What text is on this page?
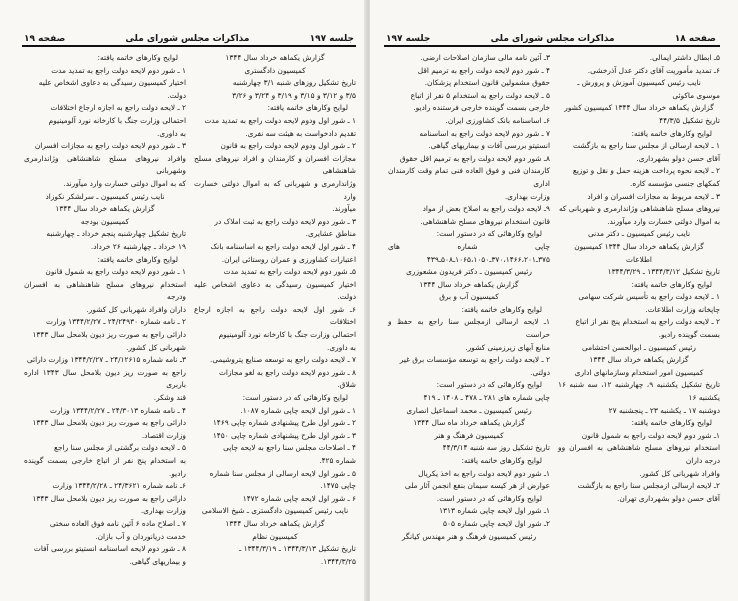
جلسه ۱۹۷
مذاکرات مجلس شورای ملی
صفحه ۱۹
گزارش یکماهه خرداد سال ۱۳۴۴
کمیسیون دادگستری
تاریخ تشکیل روزهای شنبه ۳/۱ چهارشنبه
۳/۵ و ۳/۱۲ و ۳/۱۵ و ۳/۱۹ و ۳/۲۴ و ۳/۲۶
لوایح وکارهای خاتمه یافته:
۱ ـ شور اول ودوم لایحه دولت راجع به تمدید مدت
تقدیم دادخواست به هیئت سه نفری.
۲ ـ شور اول ودوم لایحه دولت راجع به قانون
مجازات افسران و کارمندان و افراد نیروهای مسلح شاهنشاهی
وژاندارمری و شهربانی که به اموال دولتی خسارت وارد
میآورند.
۳ ـ شور دوم لایحه دولت راجع به ثبت املاک در
مناطق عشایری.
۴ ـ شور اول لایحه دولت راجع به اساسنامه بانک
اعتبارات کشاورزی و عمران روستائی ایران.
۵ـ شور دوم لایحه دولت راجع به تمدید مدت
اختیار کمیسیون رسیدگی به دعاوی اشخاص علیه دولت.
۶ـ شور اول لایحه دولت راجع به اجازه ارجاع اختلافات
احتمالی وزارت جنگ با کارخانه نورد آلومینیوم
به داوری.
۷ ـ لایحه دولت راجع به توسعه صنایع پتروشیمی.
۸ ـ شور دوم لایحه دولت راجع به لغو مجازات
شلاق.
لوایح وکارهائی که در دستور است:
۱ ـ شور اول لایحه چاپی شماره ۱۰۸۷.
۲ ـ شور اول طرح پیشنهادی شماره چاپی ۱۴۶۹
۳ ـ شور اول طرح پیشنهادی شماره چاپی ۱۴۵۰
۴ ـ اصلاحات مجلس سنا راجع به لایحه چاپی
شماره ۴۲۵.
۵ ـ شور اول لایحه ارسالی از مجلس سنا شماره
چاپی ۱۴۷۵.
۶ ـ شور اول لایحه چاپی شماره ۱۴۷۲
نایب رئیس کمیسیون دادگستری ـ شیخ الاسلامی
گزارش یکماهه خرداد سال ۱۳۴۴
کمیسیون نظام
تاریخ تشکیل ۱۳۴۴/۳/۱۳ ـ ۱۳۴۴/۳/۱۹ ـ
۱۳۴۴/۳/۲۵.
لوایح وکارهای خاتمه یافته:
۱ ـ شور دوم لایحه دولت راجع به تمدید مدت
اختیار کمیسیون رسیدگی به دعاوی اشخاص علیه
دولت.
۲ ـ لایحه دولت راجع به اجازه ارجاع اختلافات
احتمالی وزارت جنگ با کارخانه نورد آلومینیوم
به داوری.
۳ ـ شور دوم لایحه دولت راجع به مجازات افسران
وافراد نیروهای مسلح شاهنشاهی وژاندارمری وشهربانی
که به اموال دولتی خسارت وارد میآورند.
نایب رئیس کمیسیون ـ سرلشکر نکوزاد
گزارش یکماهه خرداد سال ۱۳۴۴
کمیسیون بودجه
تاریخ تشکیل چهارشنبه پنجم خرداد ـ چهارشنبه
۱۹ خرداد ـ چهارشنبه ۲۶ خرداد.
لوایح وکارهای خاتمه یافته:
۱ ـ شور دوم لایحه دولت راجع به شمول قانون
استخدام نیروهای مسلح شاهنشاهی به افسران ودرجه
داران وافراد شهربانی کل کشور.
۲ ـ نامه شماره ۲۴/۲۴۹۳۰ ـ ۱۳۴۴/۲/۲۷ وزارت
دارائی راجع به صورت ریز دیون بلامحل سال ۱۳۴۳
شهربانی کل کشور.
۳ـ نامه شماره ۲۴/۱۲۶۱۵ ـ ۱۳۴۴/۲/۲۷ وزارت دارائی
راجع به صورت ریز دیون بلامحل سال ۱۳۴۳ اداره باربری
قند وشکر.
۴ ـ نامه شماره ۲۴/۳۰۱۳ ـ ۱۳۴۴/۲/۲۷ وزارت
دارائی راجع به صورت ریز دیون بلامحل سال ۱۳۴۳
وزارت اقتصاد.
۵ ـ لایحه دولت برگشتی از مجلس سنا راجع
به استخدام پنج نفر از اتباع خارجی بسمت گوینده رادیو.
۶ـ نامه شماره ۲۴/۳۶۲۱ ـ ۱۳۴۴/۲/۲۸ وزارت
دارائی راجع به صورت ریز دیون بلامحل سال ۱۳۴۳
وزارت بهداری.
۷ ـ اصلاح ماده ۶ آئین نامه فوق العاده سختی
خدمت دریانوردان و آب بازان.
۸ ـ شور دوم لایحه اساسنامه انستیتو بررسی آفات
و بیماریهای گیاهی.
صفحه ۱۸
مذاکرات مجلس شورای ملی
جلسه ۱۹۷
۵ـ ابطال داشتر ایمالی.
۶ـ تمدید مأموریت آقای دکتر عدل آذرخشی.
نایب رئیس کمیسیون آموزش و پرورش ـ
موسوی ماکوئی
گزارش یکماهه خرداد سال ۱۳۴۴ کمیسیون کشور
تاریخ تشکیل ۴۴/۳/۵
لوایح وکارهای خاتمه یافته:
۱ ـ لایحه ارسالی از مجلس سنا راجع به بازگشت
آقای حسن دولو بشهرداری.
۲ ـ لایحه نحوه پرداخت هزینه حمل و نقل و توزیع
کمکهای جنسی مؤسسه کاره.
۳ ـ لایحه مربوط به مجازات افسران و افراد
نیروهای مسلح شاهنشاهی وژاندارمری و شهربانی که
به اموال دولتی خسارت وارد میآورند.
نایب رئیس کمیسیون ـ دکتر مدنی
گزارش یکماهه خرداد سال ۱۳۴۴ کمیسیون
اطلاعات
تاریخ تشکیل ۱۳۴۴/۳/۱۲ ـ ۱۳۴۴/۳/۲۹
لوایح وکارهای خاتمه یافته:
۱ ـ لایحه دولت راجع به تأسیس شرکت سهامی
چاپخانه وزارت اطلاعات.
۲ ـ لایحه دولت راجع به استخدام پنج نفر از اتباع
بسمت گوینده رادیو.
رئیس کمیسیون ـ ابوالحسن احتشامی
گزارش یکماهه خرداد سال ۱۳۴۴
کمیسیون امور استخدام وسازمانهای اداری
تاریخ تشکیل یکشنبه ۹، چهارشنبه ۱۲، سه شنبه ۱۶ یکشنبه ۱۶
دوشنبه ۱۷ ـ یکشنبه ۲۳ ـ پنجشنبه ۲۷
لوایح وکارهای خاتمه یافته:
۱ـ شور دوم لایحه دولت راجع به شمول قانون
استخدام نیروهای مسلح شاهنشاهی به افسران وو درجه داران
وافراد شهربانی کل کشور.
۲ـ لایحه ارسالی ازمجلس سنا راجع به بازگشت
آقای حسن دولو بشهرداری تهران.
۳ـ آئین نامه مالی سازمان اصلاحات ارضی.
۴ ـ شور دوم لایحه دولت راجع به ترمیم اقل
حقوق مشمولین قانون استخدام پزشکان.
۵ ـ لایحه دولت راجع به استخدام ۵ نفر از اتباع
خارجی بسمت گوینده خارجی فرستنده رادیو.
۶ـ اساسنامه بانک کشاورزی ایران.
۷ ـ شور دوم لایحه دولت راجع به اساسنامه
انستیتو بررسی آفات و بیماریهای گیاهی.
۸ـ شور دوم لایحه دولت راجع به ترمیم اقل حقوق
کارمندان فنی و فوق العاده فنی تمام وقت کارمندان اداری
وزارت بهداری.
۹ـ لایحه دولت راجع به اصلاح بعض از مواد
قانون استخدام نیروهای مسلح شاهنشاهی.
لوایح وکارهائی که در دستور است:
چاپی شماره های ۳۷۵ـ۳۷۰،۱۴۶۶،۲۰۱ـ۱۰۶۵،۱۰۵۰ـ۵۰۸ـ۴۳۹
رئیس کمیسیون ـ دکتر فریدون مشعوزری
گزارش یکماهه خرداد سال ۱۳۴۴
کمیسیون آب و برق
لوایح وکارهای خاتمه یافته:
۱ـ لایحه ارسالی ازمجلس سنا راجع به حفظ و حراست
منابع آبهای زیرزمینی کشور.
۲ ـ لایحه دولت راجع به توسعه مؤسسات برق غیر
دولتی.
لوایح وکارهائی که در دستور است:
چاپی شماره های ۲۸۱ ـ ۴۷۸ ـ ۱۴۰۸ ـ ۴۱۹
رئیس کمیسیون ـ محمد اسماعیل انصاری
گزارش یکماهه خرداد ماه سال ۱۳۴۴
کمیسیون فرهنگ و هنر
تاریخ تشکیل روز سه شنبه ۴۴/۳/۱۴
لوایح وکارهای خاتمه یافته:
۱ـ شور دوم لایحه دولت راجع به اخذ یکریال
عوارض از هر کیسه سیمان بنفع انجمن آثار ملی
لوایح وکارهائی که در دستور است.
۱ـ شور اول لایحه چاپی شماره ۱۳۱۳
۲ـ شور اول لایحه چاپی شماره ۵۰۵
رئیس کمیسیون فرهنگ و هنر مهندس کیانگر
